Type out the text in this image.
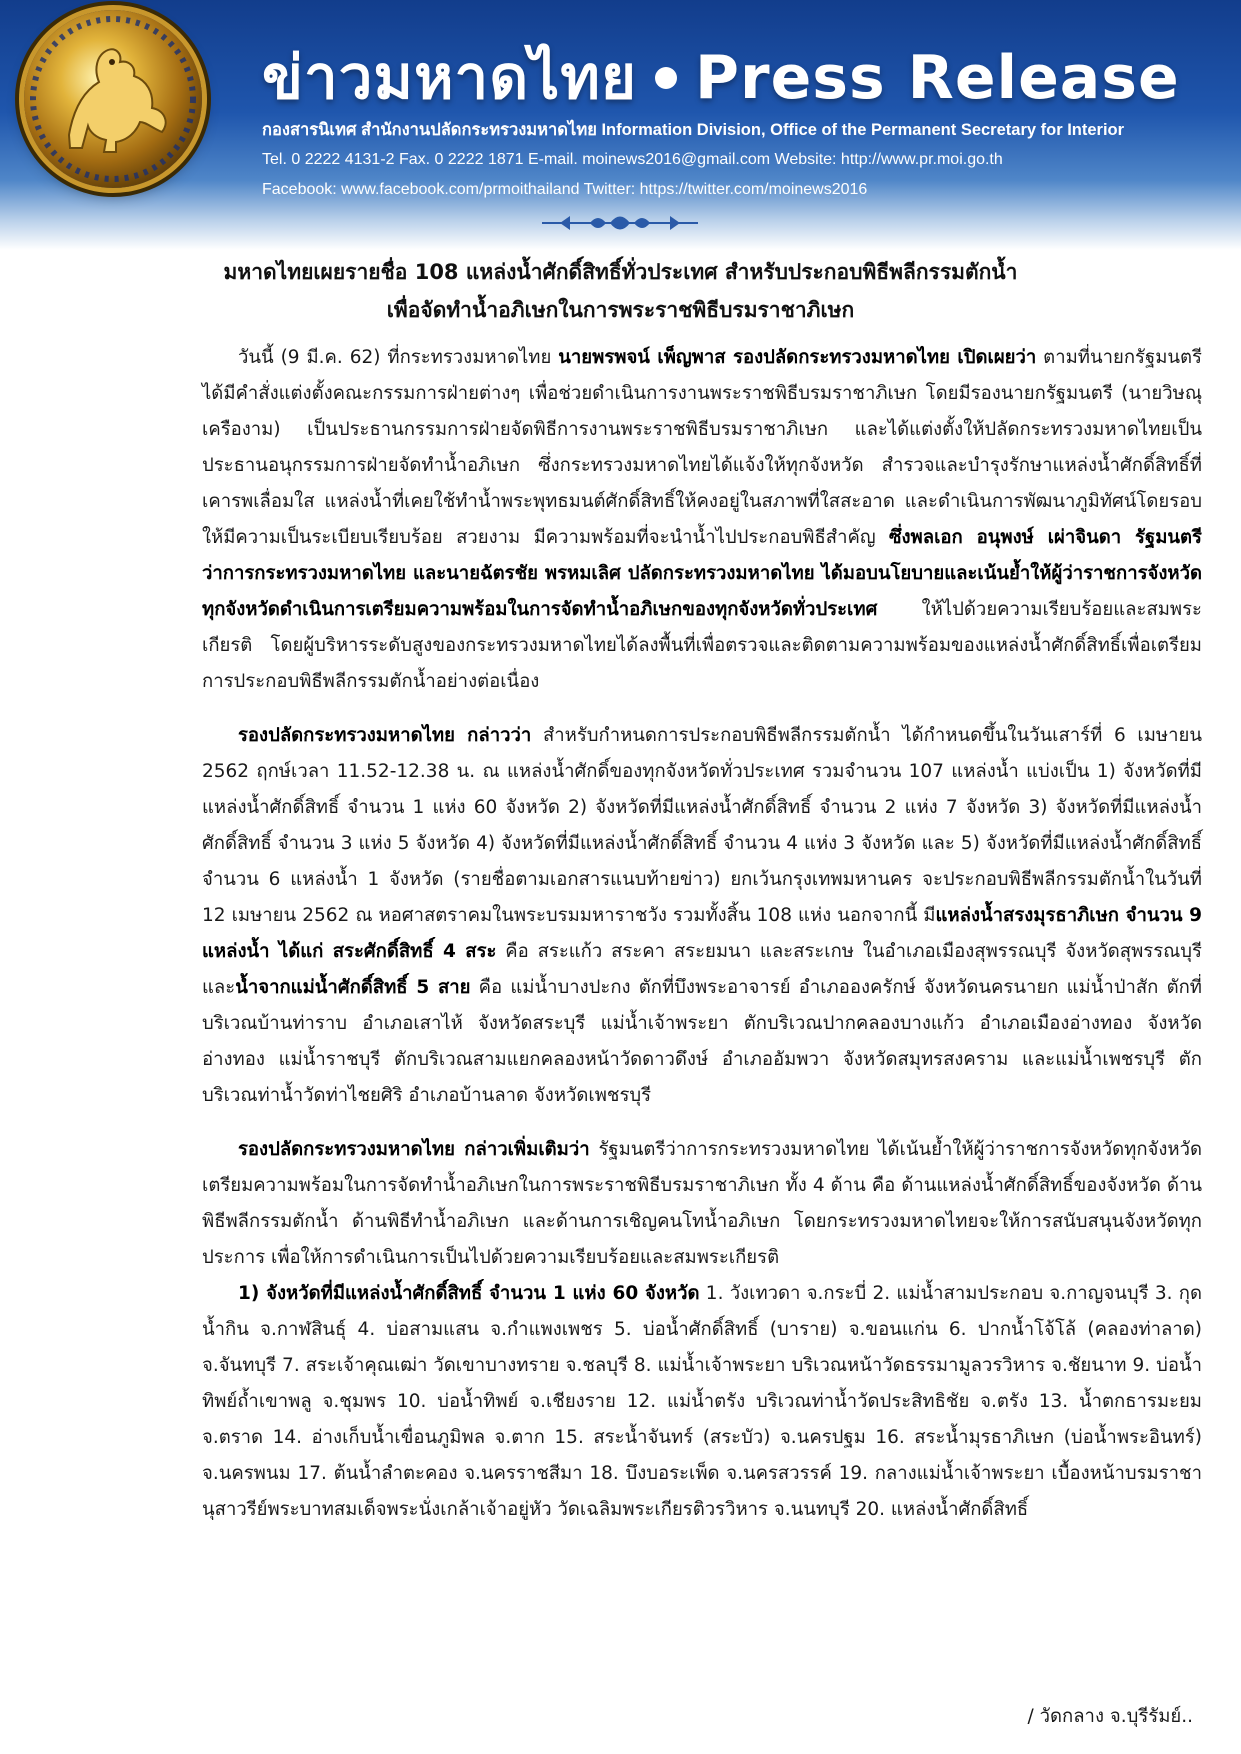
ข่าวมหาดไทย Press Release
กองสารนิเทศ สำนักงานปลัดกระทรวงมหาดไทย Information Division, Office of the Permanent Secretary for Interior
Tel. 0 2222 4131-2 Fax. 0 2222 1871 E-mail. moinews2016@gmail.com Website: http://www.pr.moi.go.th
Facebook: www.facebook.com/prmoithailand Twitter: https://twitter.com/moinews2016
มหาดไทยเผยรายชื่อ 108 แหล่งน้ำศักดิ์สิทธิ์ทั่วประเทศ สำหรับประกอบพิธีพลีกรรมตักน้ำ
เพื่อจัดทำน้ำอภิเษกในการพระราชพิธีบรมราชาภิเษก

วันนี้ (9 มี.ค. 62) ที่กระทรวงมหาดไทย นายพรพจน์ เพ็ญพาส รองปลัดกระทรวงมหาดไทย เปิดเผยว่า ตามที่นายกรัฐมนตรีได้มีคำสั่งแต่งตั้งคณะกรรมการฝ่ายต่างๆ เพื่อช่วยดำเนินการงานพระราชพิธีบรมราชาภิเษก โดยมีรองนายกรัฐมนตรี (นายวิษณุ เครืองาม) เป็นประธานกรรมการฝ่ายจัดพิธีการงานพระราชพิธีบรมราชาภิเษก และได้แต่งตั้งให้ปลัดกระทรวงมหาดไทยเป็นประธานอนุกรรมการฝ่ายจัดทำน้ำอภิเษก ซึ่งกระทรวงมหาดไทยได้แจ้งให้ทุกจังหวัด สำรวจและบำรุงรักษาแหล่งน้ำศักดิ์สิทธิ์ที่เคารพเลื่อมใส แหล่งน้ำที่เคยใช้ทำน้ำพระพุทธมนต์ศักดิ์สิทธิ์ให้คงอยู่ในสภาพที่ใสสะอาด และดำเนินการพัฒนาภูมิทัศน์โดยรอบ ให้มีความเป็นระเบียบเรียบร้อย สวยงาม มีความพร้อมที่จะนำน้ำไปประกอบพิธีสำคัญ ซึ่งพลเอก อนุพงษ์ เผ่าจินดา รัฐมนตรีว่าการกระทรวงมหาดไทย และนายฉัตรชัย พรหมเลิศ ปลัดกระทรวงมหาดไทย ได้มอบนโยบายและเน้นย้ำให้ผู้ว่าราชการจังหวัดทุกจังหวัดดำเนินการเตรียมความพร้อมในการจัดทำน้ำอภิเษกของทุกจังหวัดทั่วประเทศ ให้ไปด้วยความเรียบร้อยและสมพระเกียรติ โดยผู้บริหารระดับสูงของกระทรวงมหาดไทยได้ลงพื้นที่เพื่อตรวจและติดตามความพร้อมของแหล่งน้ำศักดิ์สิทธิ์เพื่อเตรียมการประกอบพิธีพลีกรรมตักน้ำอย่างต่อเนื่อง

รองปลัดกระทรวงมหาดไทย กล่าวว่า สำหรับกำหนดการประกอบพิธีพลีกรรมตักน้ำ ได้กำหนดขึ้นในวันเสาร์ที่ 6 เมษายน 2562 ฤกษ์เวลา 11.52-12.38 น. ณ แหล่งน้ำศักดิ์ของทุกจังหวัดทั่วประเทศ รวมจำนวน 107 แหล่งน้ำ แบ่งเป็น 1) จังหวัดที่มีแหล่งน้ำศักดิ์สิทธิ์ จำนวน 1 แห่ง 60 จังหวัด 2) จังหวัดที่มีแหล่งน้ำศักดิ์สิทธิ์ จำนวน 2 แห่ง 7 จังหวัด 3) จังหวัดที่มีแหล่งน้ำศักดิ์สิทธิ์ จำนวน 3 แห่ง 5 จังหวัด 4) จังหวัดที่มีแหล่งน้ำศักดิ์สิทธิ์ จำนวน 4 แห่ง 3 จังหวัด และ 5) จังหวัดที่มีแหล่งน้ำศักดิ์สิทธิ์ จำนวน 6 แหล่งน้ำ 1 จังหวัด (รายชื่อตามเอกสารแนบท้ายข่าว) ยกเว้นกรุงเทพมหานคร จะประกอบพิธีพลีกรรมตักน้ำในวันที่ 12 เมษายน 2562 ณ หอศาสตราคมในพระบรมมหาราชวัง รวมทั้งสิ้น 108 แห่ง นอกจากนี้ มีแหล่งน้ำสรงมุรธาภิเษก จำนวน 9 แหล่งน้ำ ได้แก่ สระศักดิ์สิทธิ์ 4 สระ คือ สระแก้ว สระคา สระยมนา และสระเกษ ในอำเภอเมืองสุพรรณบุรี จังหวัดสุพรรณบุรี และน้ำจากแม่น้ำศักดิ์สิทธิ์ 5 สาย คือ แม่น้ำบางปะกง ตักที่บึงพระอาจารย์ อำเภอองครักษ์ จังหวัดนครนายก แม่น้ำป่าสัก ตักที่บริเวณบ้านท่าราบ อำเภอเสาไห้ จังหวัดสระบุรี แม่น้ำเจ้าพระยา ตักบริเวณปากคลองบางแก้ว อำเภอเมืองอ่างทอง จังหวัดอ่างทอง แม่น้ำราชบุรี ตักบริเวณสามแยกคลองหน้าวัดดาวดึงษ์ อำเภออัมพวา จังหวัดสมุทรสงคราม และแม่น้ำเพชรบุรี ตักบริเวณท่าน้ำวัดท่าไชยศิริ อำเภอบ้านลาด จังหวัดเพชรบุรี

รองปลัดกระทรวงมหาดไทย กล่าวเพิ่มเติมว่า รัฐมนตรีว่าการกระทรวงมหาดไทย ได้เน้นย้ำให้ผู้ว่าราชการจังหวัดทุกจังหวัด เตรียมความพร้อมในการจัดทำน้ำอภิเษกในการพระราชพิธีบรมราชาภิเษก ทั้ง 4 ด้าน คือ ด้านแหล่งน้ำศักดิ์สิทธิ์ของจังหวัด ด้านพิธีพลีกรรมตักน้ำ ด้านพิธีทำน้ำอภิเษก และด้านการเชิญคนโทน้ำอภิเษก โดยกระทรวงมหาดไทยจะให้การสนับสนุนจังหวัดทุกประการ เพื่อให้การดำเนินการเป็นไปด้วยความเรียบร้อยและสมพระเกียรติ

1) จังหวัดที่มีแหล่งน้ำศักดิ์สิทธิ์ จำนวน 1 แห่ง 60 จังหวัด 1. วังเทวดา จ.กระบี่ 2. แม่น้ำสามประกอบ จ.กาญจนบุรี 3. กุดน้ำกิน จ.กาฬสินธุ์ 4. บ่อสามแสน จ.กำแพงเพชร 5. บ่อน้ำศักดิ์สิทธิ์ (บาราย) จ.ขอนแก่น 6. ปากน้ำโจ้โล้ (คลองท่าลาด) จ.จันทบุรี 7. สระเจ้าคุณเฒ่า วัดเขาบางทราย จ.ชลบุรี 8. แม่น้ำเจ้าพระยา บริเวณหน้าวัดธรรมามูลวรวิหาร จ.ชัยนาท 9. บ่อน้ำทิพย์ถ้ำเขาพลู จ.ชุมพร 10. บ่อน้ำทิพย์ จ.เชียงราย 12. แม่น้ำตรัง บริเวณท่าน้ำวัดประสิทธิชัย จ.ตรัง 13. น้ำตกธารมะยม จ.ตราด 14. อ่างเก็บน้ำเขื่อนภูมิพล จ.ตาก 15. สระน้ำจันทร์ (สระบัว) จ.นครปฐม 16. สระน้ำมุรธาภิเษก (บ่อน้ำพระอินทร์) จ.นครพนม 17. ต้นน้ำลำตะคอง จ.นครราชสีมา 18. บึงบอระเพ็ด จ.นครสวรรค์ 19. กลางแม่น้ำเจ้าพระยา เบื้องหน้าบรมราชานุสาวรีย์พระบาทสมเด็จพระนั่งเกล้าเจ้าอยู่หัว วัดเฉลิมพระเกียรติวรวิหาร จ.นนทบุรี 20. แหล่งน้ำศักดิ์สิทธิ์

/ วัดกลาง จ.บุรีรัมย์..
